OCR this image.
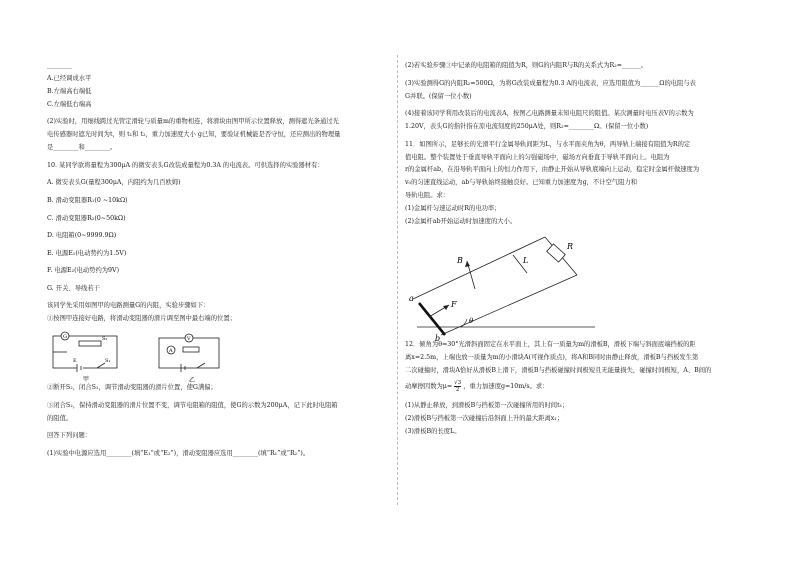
________

A.已经调成水平

B.左端高右端低

C.左端低右端高

(2)实验时，用细线跨过光管定滑轮与质量m的重物相连，将滑块由图甲所示位置释放，测得遮光条通过光

电传感器时遮光时间为t，则 t₁和 t₂，重力加速度大小 g已知，要验证机械能是否守恒，还应测出的物理量

是________和________。

10. 某同学欲将量程为300μA 的微安表头G改装成量程为0.3A 的电流表。可供选择的实验器材有：

A. 微安表头G(量程300μA，内阻约为几百欧姆)

B. 滑动变阻器R₁(0 ~10kΩ)

C. 滑动变阻器R₂(0~50kΩ)

D. 电阻箱(0~9999.9Ω)

E. 电源E₁(电动势约为1.5V)

F. 电源E₂(电动势约为9V)

G. 开关、导线若干

该同学先采用如图甲的电路测量G的内阻，实验步骤如下：

①按图甲连接好电路，将滑动变阻器的滑片调至图中最右端的位置；

G	S₂
E	S₁
甲
V
A
乙

②断开S₂，闭合S₁，调节滑动变阻器的滑片位置，使G满偏；

③闭合S₂，保持滑动变阻器的滑片位置不变，调节电阻箱的阻值，使G的示数为200μA，记下此时电阻箱

的阻值。

回答下列问题：

(1)实验中电源应选用________(填“E₁”或“E₂”)，滑动变阻器应选用________(填“R₁”或“R₂”)。

(2)若实验步骤③中记录的电阻箱的阻值为R，则G的内阻R与R的关系式为R₂=______。

(3)实验测得G的内阻R₂=500Ω，为将G改装成量程为0.3 A的电流表，应选用阻值为______Ω的电阻与表

G并联。(保留一位小数)

(4)接着该同学利用改装后的电流表A，按图乙电路测量未知电阻尺的阻值。某次测量时电压表V的示数为

1.20V，表头G的指针指在原电流刻度的250μA处，则R₂=________Ω。(保留一位小数)

11．如图所示，足够长的光滑平行金属导轨间距为L，与水平面夹角为θ，两导轨上端接有阻值为R的定

值电阻。整个装置处于垂直导轨平面向上的匀强磁场中，磁场方向垂直于导轨平面向上。电阻为

r的金属杆ab，在沿导轨平面向上的恒力作用下，由静止开始从导轨底端向上运动，稳定时金属杆做速度为

v₀的匀速直线运动，ab与导轨始终接触良好。已知重力加速度为g，不计空气阻力和

导轨电阻。求：

(1)金属杆匀速运动时R的电功率；

(2)金属杆ab开始运动时加速度的大小。

B	L
R
a
b
F
θ

12．倾角为θ=30°光滑斜面固定在水平面上，其上有一质量为m的滑板B，滑板下端与斜面底端挡板的距

离x=2.5m，上端也放一质量为m的小滑块A(可视作质点)，将A和B同时由静止释放，滑板B与挡板发生第

二次碰撞时，滑块A恰好从滑板B上滑下，滑板B与挡板碰撞时间极短且无能量损失，碰撞时间极短，A、B间的

动摩擦因数为$\mu= \frac{√3}{2}$ ，重力加速度g=10m/s。求：

(1)从静止释放，到滑板B与挡板第一次碰撞所用的时间t₁；

(2)滑板B与挡板第一次碰撞后沿斜面上升的最大距离x₁；

(3)滑板B的长度L。
